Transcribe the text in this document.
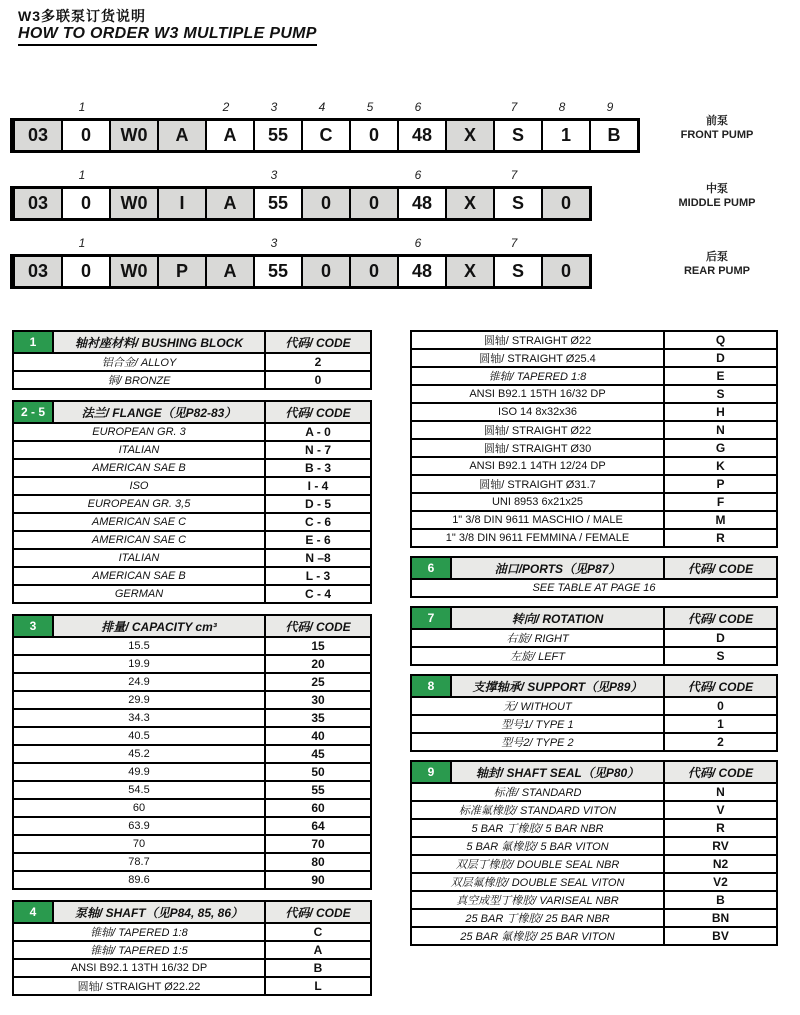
W3多联泵订货说明
HOW TO ORDER W3 MULTIPLE PUMP
1	2	3	4	5	6	7	8	9
03	0	W0	A	A	55	C	0	48	X	S	1	B
前泵
FRONT PUMP
1	3	6	7
03	0	W0	I	A	55	0	0	48	X	S	0
中泵
MIDDLE PUMP
1	3	6	7
03	0	W0	P	A	55	0	0	48	X	S	0
后泵
REAR PUMP
1	轴衬座材料/ BUSHING BLOCK	代码/ CODE
铝合金/ ALLOY	2
铜/ BRONZE	0
2 - 5	法兰/ FLANGE（见P82-83）	代码/ CODE
EUROPEAN GR. 3	A - 0
ITALIAN	N - 7
AMERICAN SAE B	B - 3
ISO	I - 4
EUROPEAN GR. 3,5	D - 5
AMERICAN SAE C	C - 6
AMERICAN SAE C	E - 6
ITALIAN	N –8
AMERICAN SAE B	L - 3
GERMAN	C - 4
3	排量/ CAPACITY cm³	代码/ CODE
15.5	15
19.9	20
24.9	25
29.9	30
34.3	35
40.5	40
45.2	45
49.9	50
54.5	55
60	60
63.9	64
70	70
78.7	80
89.6	90
4	泵轴/ SHAFT（见P84, 85, 86）	代码/ CODE
锥轴/ TAPERED 1:8	C
锥轴/ TAPERED 1:5	A
ANSI B92.1 13TH 16/32 DP	B
圆轴/ STRAIGHT Ø22.22	L
圆轴/ STRAIGHT Ø22	Q
圆轴/ STRAIGHT Ø25.4	D
锥轴/ TAPERED 1:8	E
ANSI B92.1 15TH 16/32 DP	S
ISO 14 8x32x36	H
圆轴/ STRAIGHT Ø22	N
圆轴/ STRAIGHT Ø30	G
ANSI B92.1 14TH 12/24 DP	K
圆轴/ STRAIGHT Ø31.7	P
UNI 8953 6x21x25	F
1" 3/8 DIN 9611 MASCHIO / MALE	M
1" 3/8 DIN 9611 FEMMINA / FEMALE	R
6	油口/PORTS（见P87）	代码/ CODE
SEE TABLE AT PAGE 16
7	转向/ ROTATION	代码/ CODE
右旋/ RIGHT	D
左旋/ LEFT	S
8	支撑轴承/ SUPPORT（见P89）	代码/ CODE
无/ WITHOUT	0
型号1/ TYPE 1	1
型号2/ TYPE 2	2
9	轴封/ SHAFT SEAL（见P80）	代码/ CODE
标准/ STANDARD	N
标准氟橡胶/ STANDARD VITON	V
5 BAR 丁橡胶/ 5 BAR NBR	R
5 BAR 氟橡胶/ 5 BAR VITON	RV
双层丁橡胶/ DOUBLE SEAL NBR	N2
双层氟橡胶/ DOUBLE SEAL VITON	V2
真空成型丁橡胶/ VARISEAL NBR	B
25 BAR 丁橡胶/ 25 BAR NBR	BN
25 BAR 氟橡胶/ 25 BAR VITON	BV
